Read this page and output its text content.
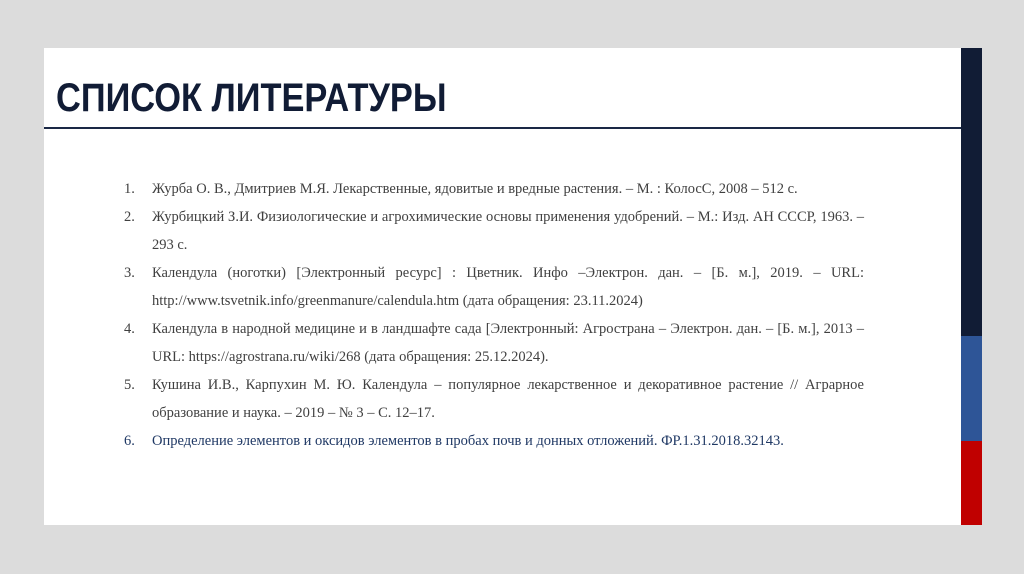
СПИСОК ЛИТЕРАТУРЫ
1. Журба О. В., Дмитриев М.Я. Лекарственные, ядовитые и вредные растения. – М. : КолосС, 2008 – 512 с.
2. Журбицкий З.И. Физиологические и агрохимические основы применения удобрений. – М.: Изд. АН СССР, 1963. – 293 с.
3. Календула (ноготки) [Электронный ресурс] : Цветник. Инфо –Электрон. дан. – [Б. м.], 2019. – URL: http://www.tsvetnik.info/greenmanure/calendula.htm (дата обращения: 23.11.2024)
4. Календула в народной медицине и в ландшафте сада [Электронный: Агространа – Электрон. дан. – [Б. м.], 2013 – URL: https://agrostrana.ru/wiki/268 (дата обращения: 25.12.2024).
5. Кушина И.В., Карпухин М. Ю. Календула – популярное лекарственное и декоративное растение // Аграрное образование и наука. – 2019 – № 3 – С. 12–17.
6. Определение элементов и оксидов элементов в пробах почв и донных отложений. ФР.1.31.2018.32143.
